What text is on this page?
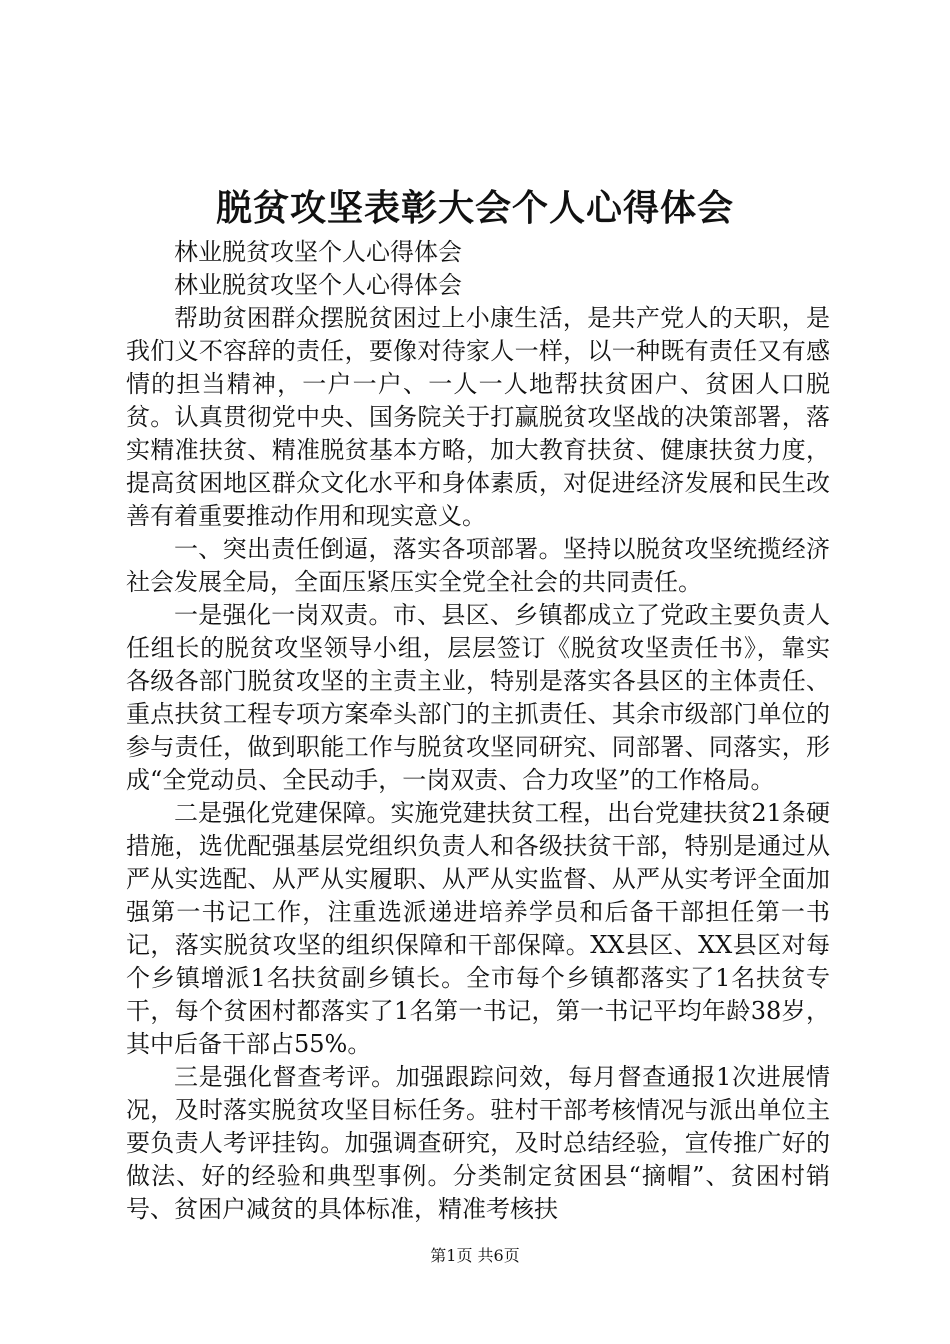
脱贫攻坚表彰大会个人心得体会

林业脱贫攻坚个人心得体会

林业脱贫攻坚个人心得体会

帮助贫困群众摆脱贫困过上小康生活，是共产党人的天职，是我们义不容辞的责任，要像对待家人一样，以一种既有责任又有感情的担当精神，一户一户、一人一人地帮扶贫困户、贫困人口脱贫。认真贯彻党中央、国务院关于打赢脱贫攻坚战的决策部署，落实精准扶贫、精准脱贫基本方略，加大教育扶贫、健康扶贫力度，提高贫困地区群众文化水平和身体素质，对促进经济发展和民生改善有着重要推动作用和现实意义。

一、突出责任倒逼，落实各项部署。坚持以脱贫攻坚统揽经济社会发展全局，全面压紧压实全党全社会的共同责任。

一是强化一岗双责。市、县区、乡镇都成立了党政主要负责人任组长的脱贫攻坚领导小组，层层签订《脱贫攻坚责任书》，靠实各级各部门脱贫攻坚的主责主业，特别是落实各县区的主体责任、重点扶贫工程专项方案牵头部门的主抓责任、其余市级部门单位的参与责任，做到职能工作与脱贫攻坚同研究、同部署、同落实，形成“全党动员、全民动手，一岗双责、合力攻坚”的工作格局。

二是强化党建保障。实施党建扶贫工程，出台党建扶贫21条硬措施，选优配强基层党组织负责人和各级扶贫干部，特别是通过从严从实选配、从严从实履职、从严从实监督、从严从实考评全面加强第一书记工作，注重选派递进培养学员和后备干部担任第一书记，落实脱贫攻坚的组织保障和干部保障。XX县区、XX县区对每个乡镇增派1名扶贫副乡镇长。全市每个乡镇都落实了1名扶贫专干，每个贫困村都落实了1名第一书记，第一书记平均年龄38岁，其中后备干部占55%。

三是强化督查考评。加强跟踪问效，每月督查通报1次进展情况，及时落实脱贫攻坚目标任务。驻村干部考核情况与派出单位主要负责人考评挂钩。加强调查研究，及时总结经验，宣传推广好的做法、好的经验和典型事例。分类制定贫困县“摘帽”、贫困村销号、贫困户减贫的具体标准，精准考核扶

第1页 共6页
